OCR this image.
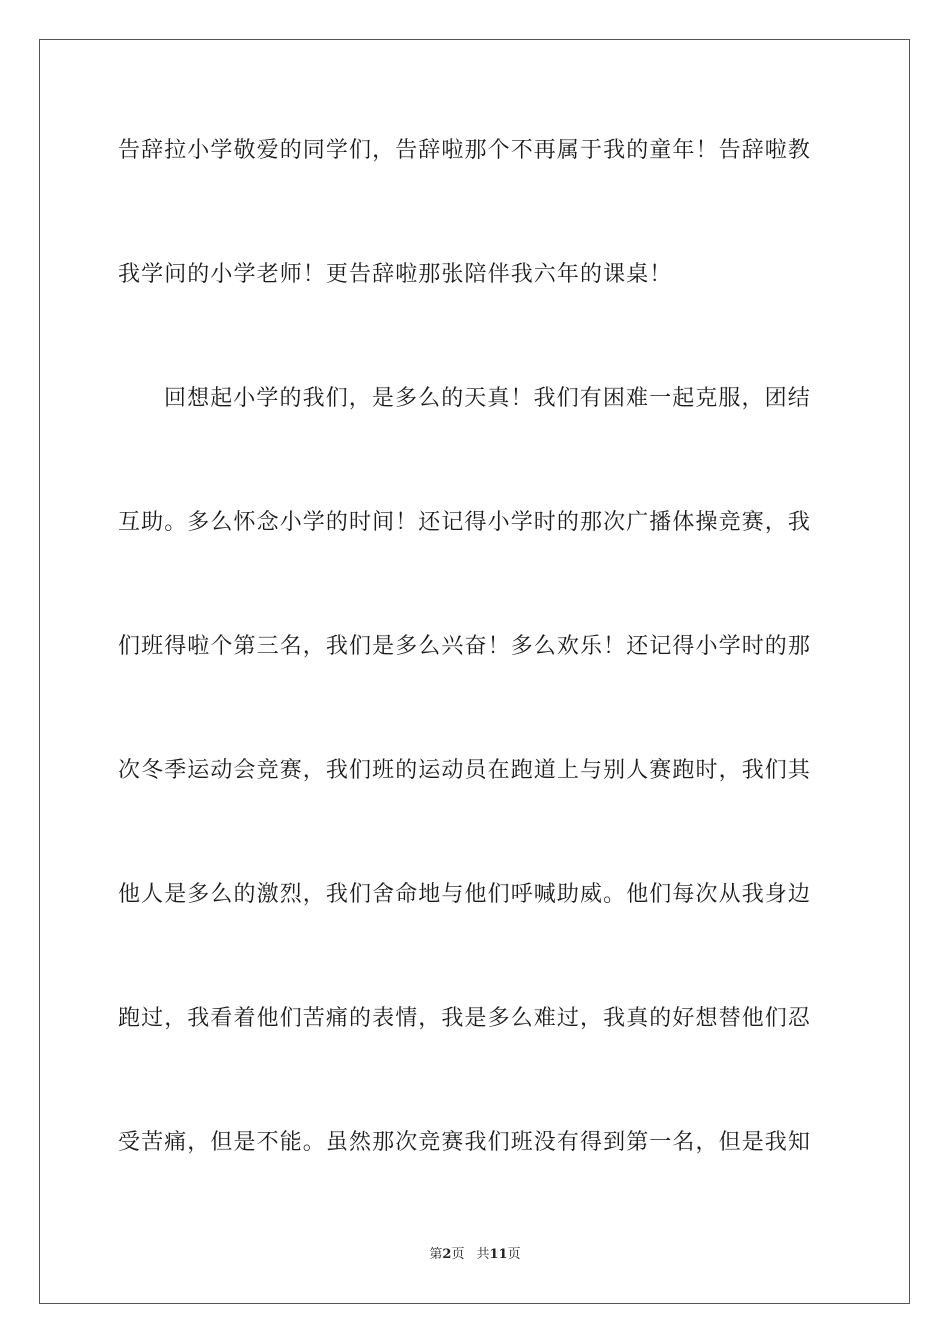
告辞拉小学敬爱的同学们，告辞啦那个不再属于我的童年！告辞啦教
我学问的小学老师！更告辞啦那张陪伴我六年的课桌！
回想起小学的我们，是多么的天真！我们有困难一起克服，团结
互助。多么怀念小学的时间！还记得小学时的那次广播体操竞赛，我
们班得啦个第三名，我们是多么兴奋！多么欢乐！还记得小学时的那
次冬季运动会竞赛，我们班的运动员在跑道上与别人赛跑时，我们其
他人是多么的激烈，我们舍命地与他们呼喊助威。他们每次从我身边
跑过，我看着他们苦痛的表情，我是多么难过，我真的好想替他们忍
受苦痛，但是不能。虽然那次竞赛我们班没有得到第一名，但是我知
第2页 共11页
